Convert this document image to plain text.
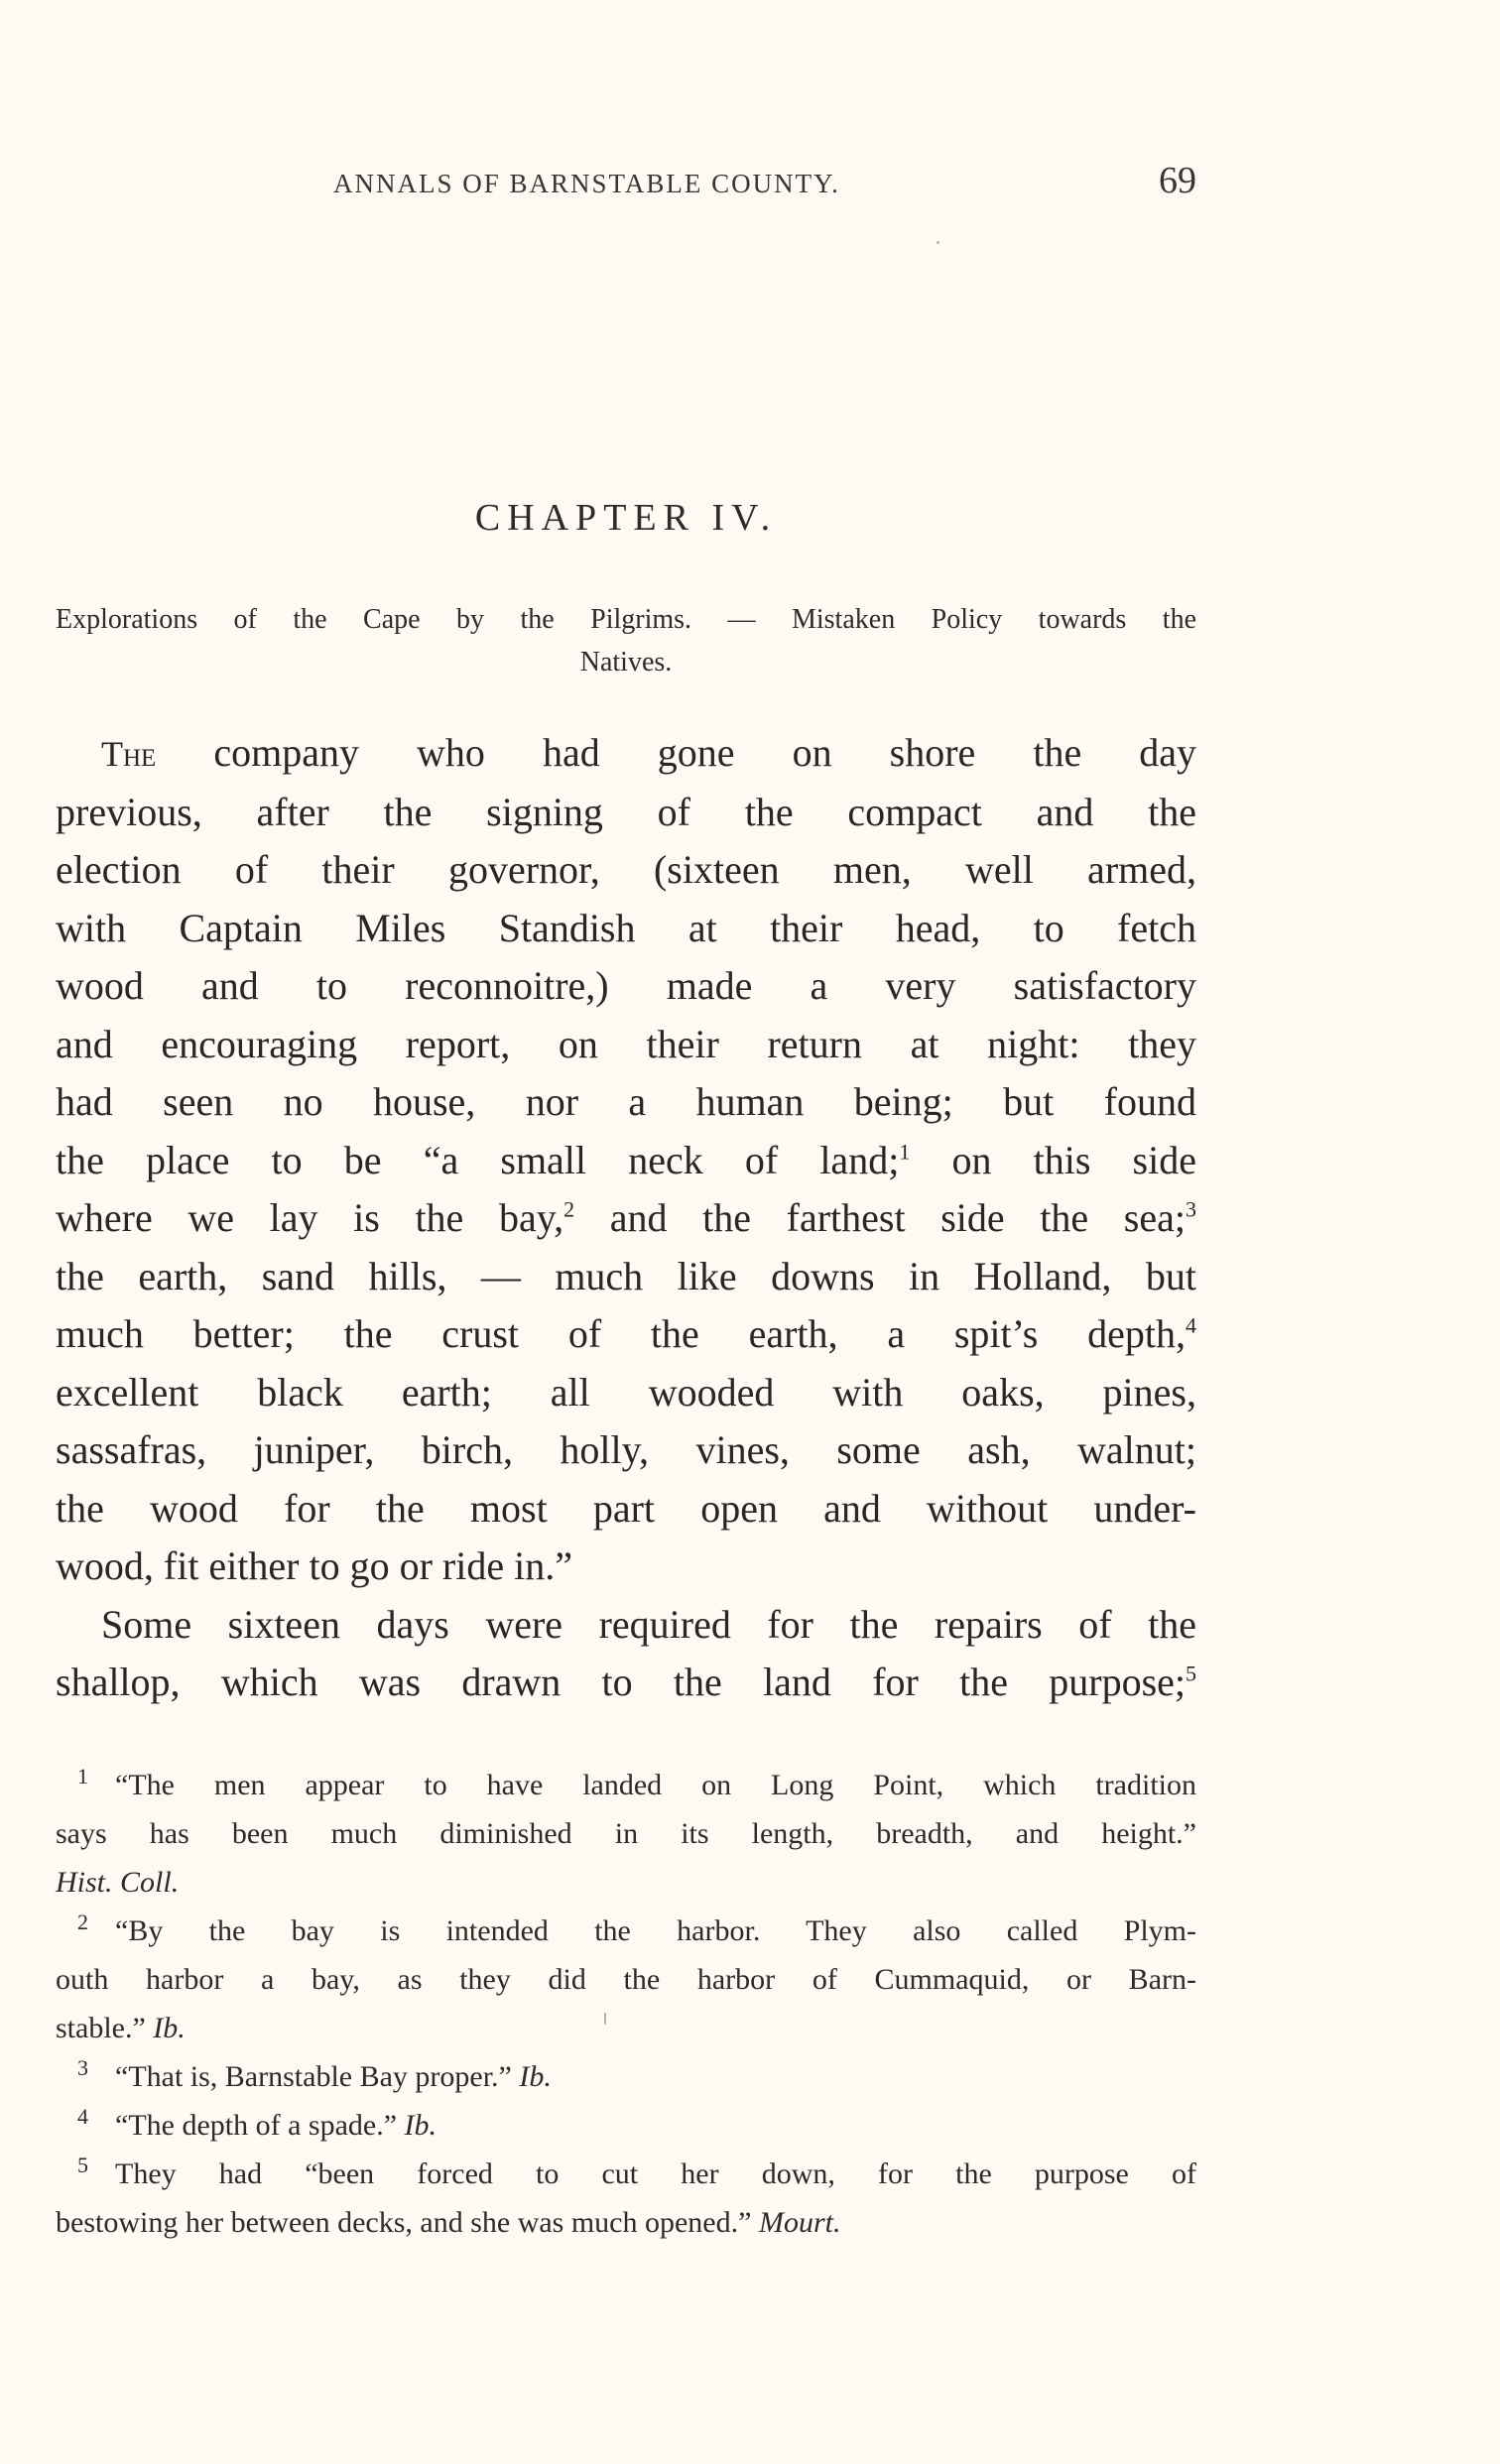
ANNALS OF BARNSTABLE COUNTY.	69
CHAPTER IV.
Explorations of the Cape by the Pilgrims. — Mistaken Policy towards the
Natives.
The company who had gone on shore the day
previous, after the signing of the compact and the
election of their governor, (sixteen men, well armed,
with Captain Miles Standish at their head, to fetch
wood and to reconnoitre,) made a very satisfactory
and encouraging report, on their return at night: they
had seen no house, nor a human being; but found
the place to be “a small neck of land;$^1$ on this side
where we lay is the bay,$^2$ and the farthest side the sea;$^3$
the earth, sand hills, — much like downs in Holland, but
much better; the crust of the earth, a spit’s depth,$^4$
excellent black earth; all wooded with oaks, pines,
sassafras, juniper, birch, holly, vines, some ash, walnut;
the wood for the most part open and without under-
wood, fit either to go or ride in.”
Some sixteen days were required for the repairs of the
shallop, which was drawn to the land for the purpose;$^5$
1 “The men appear to have landed on Long Point, which tradition
says has been much diminished in its length, breadth, and height.”
Hist. Coll.
2 “By the bay is intended the harbor. They also called Plym-
outh harbor a bay, as they did the harbor of Cummaquid, or Barn-
stable.” Ib.
3 “That is, Barnstable Bay proper.” Ib.
4 “The depth of a spade.” Ib.
5 They had “been forced to cut her down, for the purpose of
bestowing her between decks, and she was much opened.” Mourt.
